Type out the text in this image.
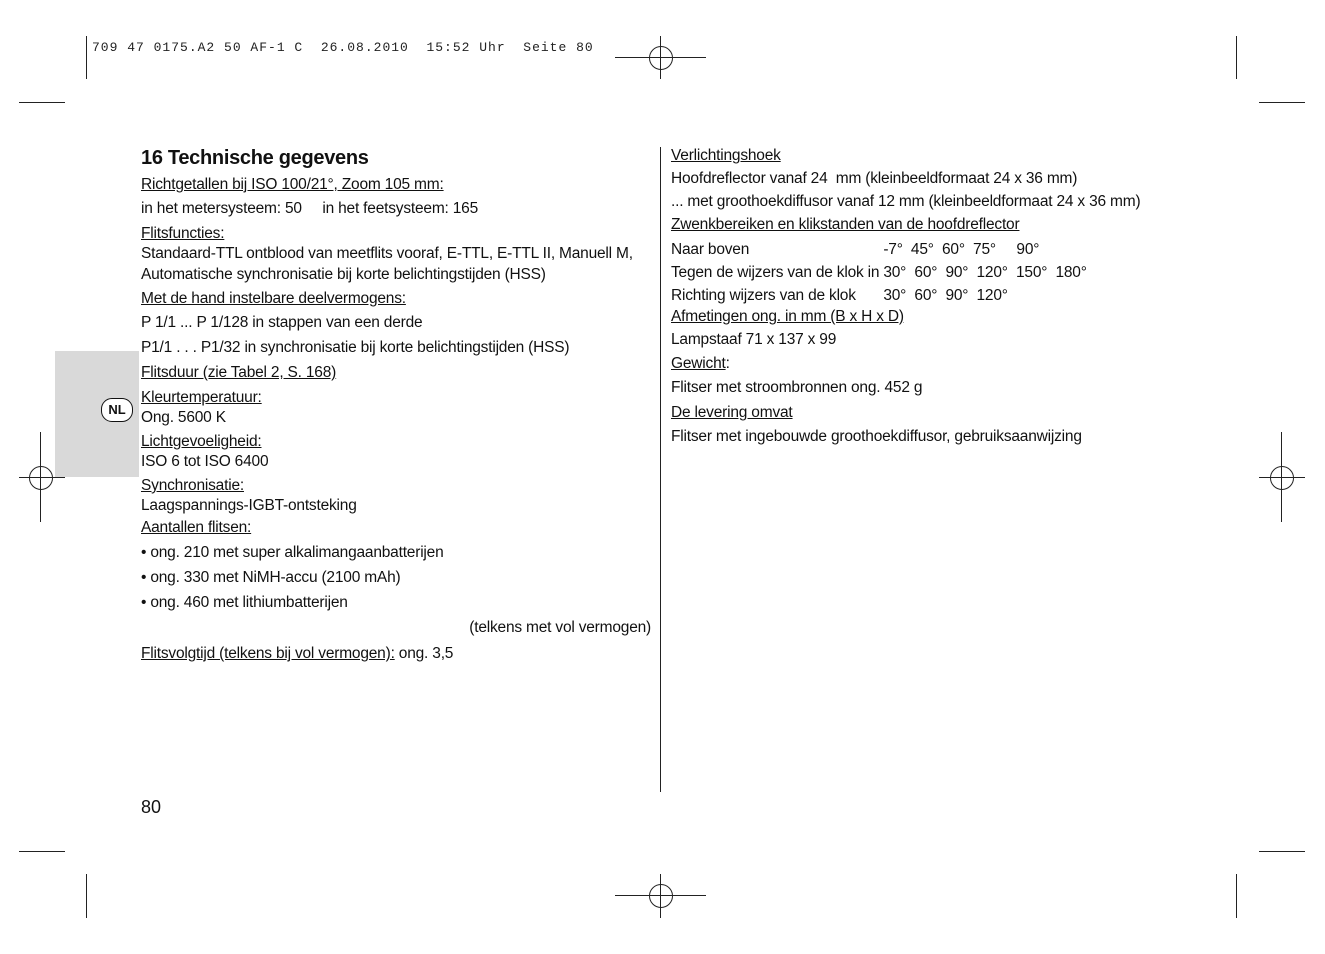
709 47 0175.A2 50 AF-1 C  26.08.2010  15:52 Uhr  Seite 80
NL
16 Technische gegevens
Richtgetallen bij ISO 100/21°, Zoom 105 mm:
in het metersysteem: 50     in het feetsysteem: 165
Flitsfuncties:
Standaard-TTL ontblood van meetflits vooraf, E-TTL, E-TTL II, Manuell M,
Automatische synchronisatie bij korte belichtingstijden (HSS)
Met de hand instelbare deelvermogens:
P 1/1 ... P 1/128 in stappen van een derde
P1/1 . . . P1/32 in synchronisatie bij korte belichtingstijden (HSS)
Flitsduur (zie Tabel 2, S. 168)
Kleurtemperatuur:
Ong. 5600 K
Lichtgevoeligheid:
ISO 6 tot ISO 6400
Synchronisatie:
Laagspannings-IGBT-ontsteking
Aantallen flitsen:
• ong. 210 met super alkalimangaanbatterijen
• ong. 330 met NiMH-accu (2100 mAh)
• ong. 460 met lithiumbatterijen
(telkens met vol vermogen)
Flitsvolgtijd (telkens bij vol vermogen): ong. 3,5
Verlichtingshoek
Hoofdreflector vanaf 24  mm (kleinbeeldformaat 24 x 36 mm)
... met groothoekdiffusor vanaf 12 mm (kleinbeeldformaat 24 x 36 mm)
Zwenkbereiken en klikstanden van de hoofdreflector
Naar boven	-7°  45°  60°  75°     90°
Tegen de wijzers van de klok in	30°  60°  90°  120°  150°  180°
Richting wijzers van de klok	30°  60°  90°  120°
Afmetingen ong. in mm (B x H x D)
Lampstaaf 71 x 137 x 99
Gewicht:
Flitser met stroombronnen ong. 452 g
De levering omvat
Flitser met ingebouwde groothoekdiffusor, gebruiksaanwijzing
80
